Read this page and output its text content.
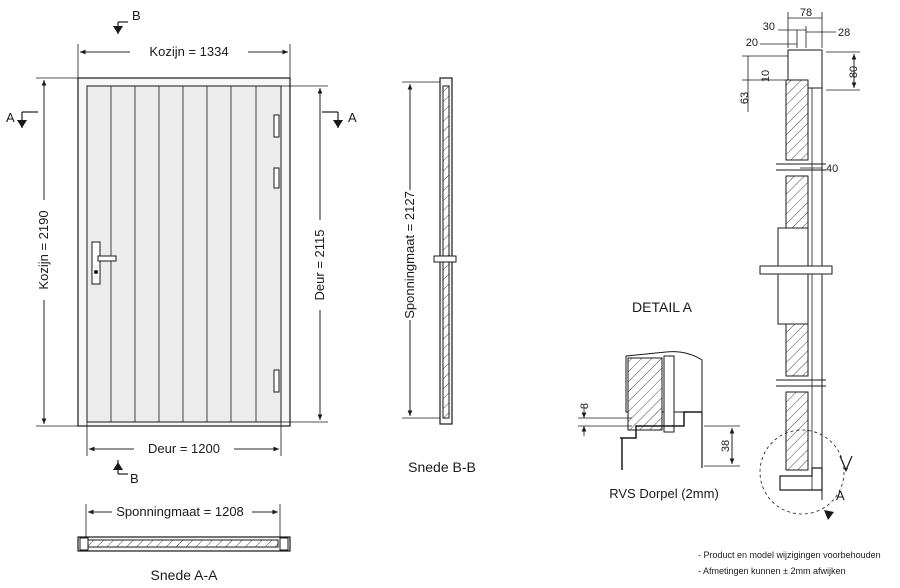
B
Kozijn = 1334
A	A
Kozijn = 2190	Deur = 2115
Deur = 1200
B
Sponningmaat = 1208
Snede A-A
Sponningmaat = 2127
Snede B-B
DETAIL A
8
38
RVS Dorpel (2mm)
78
30	28
20
10
63
80
40
A
- Product en model wijzigingen voorbehouden
- Afmetingen kunnen ± 2mm afwijken
